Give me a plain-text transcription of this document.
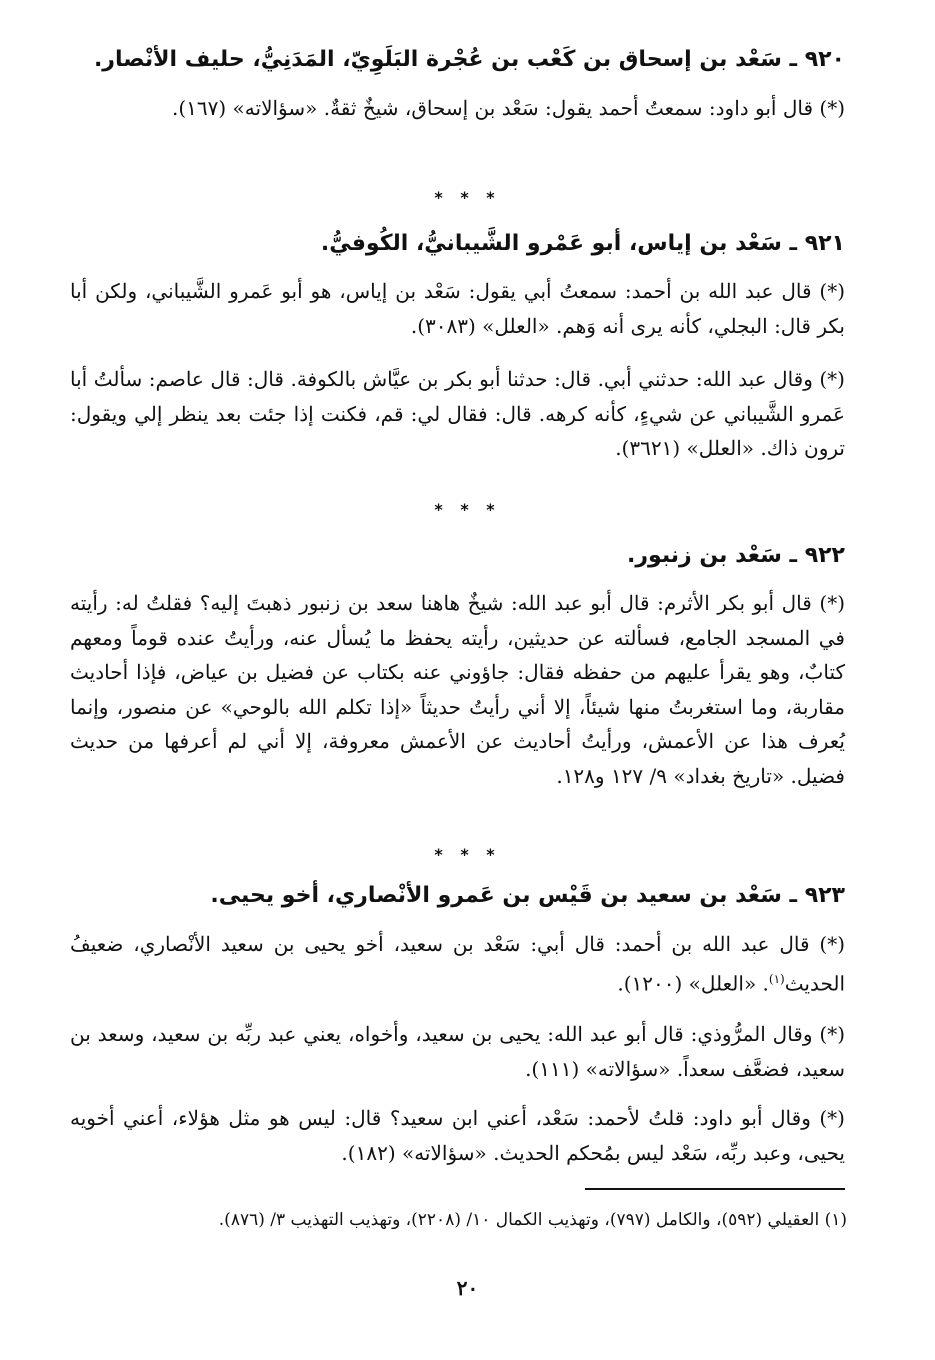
٩٢٠ ـ سَعْد بن إسحاق بن كَعْب بن عُجْرة البَلَوِيّ، المَدَنِيُّ، حليف الأنْصار.
(*) قال أبو داود: سمعتُ أحمد يقول: سَعْد بن إسحاق، شيخٌ ثقةٌ. «سؤالاته» (١٦٧).
* * *
٩٢١ ـ سَعْد بن إياس، أبو عَمْرو الشَّيبانيُّ، الكُوفيُّ.
(*) قال عبد الله بن أحمد: سمعتُ أبي يقول: سَعْد بن إياس، هو أبو عَمرو الشَّيباني، ولكن أبا بكر قال: البجلي، كأنه يرى أنه وَهم. «العلل» (٣٠٨٣).
(*) وقال عبد الله: حدثني أبي. قال: حدثنا أبو بكر بن عيَّاش بالكوفة. قال: قال عاصم: سألتُ أبا عَمرو الشَّيباني عن شيءٍ، كأنه كرهه. قال: فقال لي: قم، فكنت إذا جئت بعد ينظر إلي ويقول: ترون ذاك. «العلل» (٣٦٢١).
* * *
٩٢٢ ـ سَعْد بن زنبور.
(*) قال أبو بكر الأثرم: قال أبو عبد الله: شيخٌ هاهنا سعد بن زنبور ذهبتَ إليه؟ فقلتُ له: رأيته في المسجد الجامع، فسألته عن حديثين، رأيته يحفظ ما يُسأل عنه، ورأيتُ عنده قوماً ومعهم كتابٌ، وهو يقرأ عليهم من حفظه فقال: جاؤوني عنه بكتاب عن فضيل بن عياض، فإذا أحاديث مقاربة، وما استغربتُ منها شيئاً، إلا أني رأيتُ حديثاً «إذا تكلم الله بالوحي» عن منصور، وإنما يُعرف هذا عن الأعمش، ورأيتُ أحاديث عن الأعمش معروفة، إلا أني لم أعرفها من حديث فضيل. «تاريخ بغداد» ٩/ ١٢٧ و١٢٨.
* * *
٩٢٣ ـ سَعْد بن سعيد بن قَيْس بن عَمرو الأنْصاري، أخو يحيى.
(*) قال عبد الله بن أحمد: قال أبي: سَعْد بن سعيد، أخو يحيى بن سعيد الأنْصاري، ضعيفُ الحديث$^{(١)}$. «العلل» (١٢٠٠).
(*) وقال المرُّوذي: قال أبو عبد الله: يحيى بن سعيد، وأخواه، يعني عبد ربِّه بن سعيد، وسعد بن سعيد، فضعَّف سعداً. «سؤالاته» (١١١).
(*) وقال أبو داود: قلتُ لأحمد: سَعْد، أعني ابن سعيد؟ قال: ليس هو مثل هؤلاء، أعني أخويه يحيى، وعبد ربِّه، سَعْد ليس بمُحكم الحديث. «سؤالاته» (١٨٢).
(١) العقيلي (٥٩٢)، والكامل (٧٩٧)، وتهذيب الكمال ١٠/ (٢٢٠٨)، وتهذيب التهذيب ٣/ (٨٧٦).
٢٠
